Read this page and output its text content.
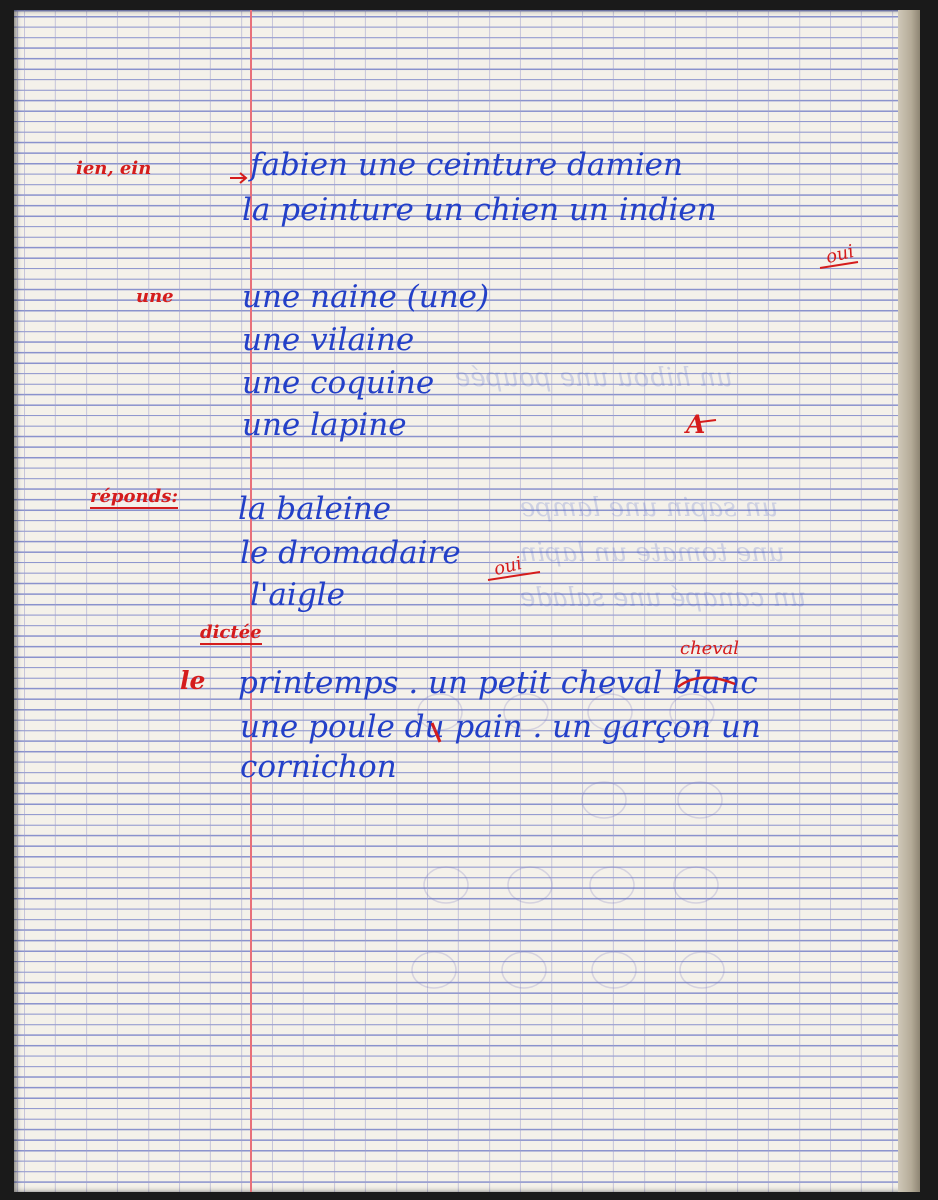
un hibou une poupée
un sapin une lampe
une tomate un lapin
un canapé une salade
ien, ein
une
réponds:
dictée
le
fabien une ceinture damien
la peinture un chien un indien
une naine (une)
une vilaine
une coquine
une lapine
la baleine
le dromadaire
l'aigle
printemps . un petit cheval blanc
une poule du pain . un garçon un
cornichon
oui
A
oui
cheval
